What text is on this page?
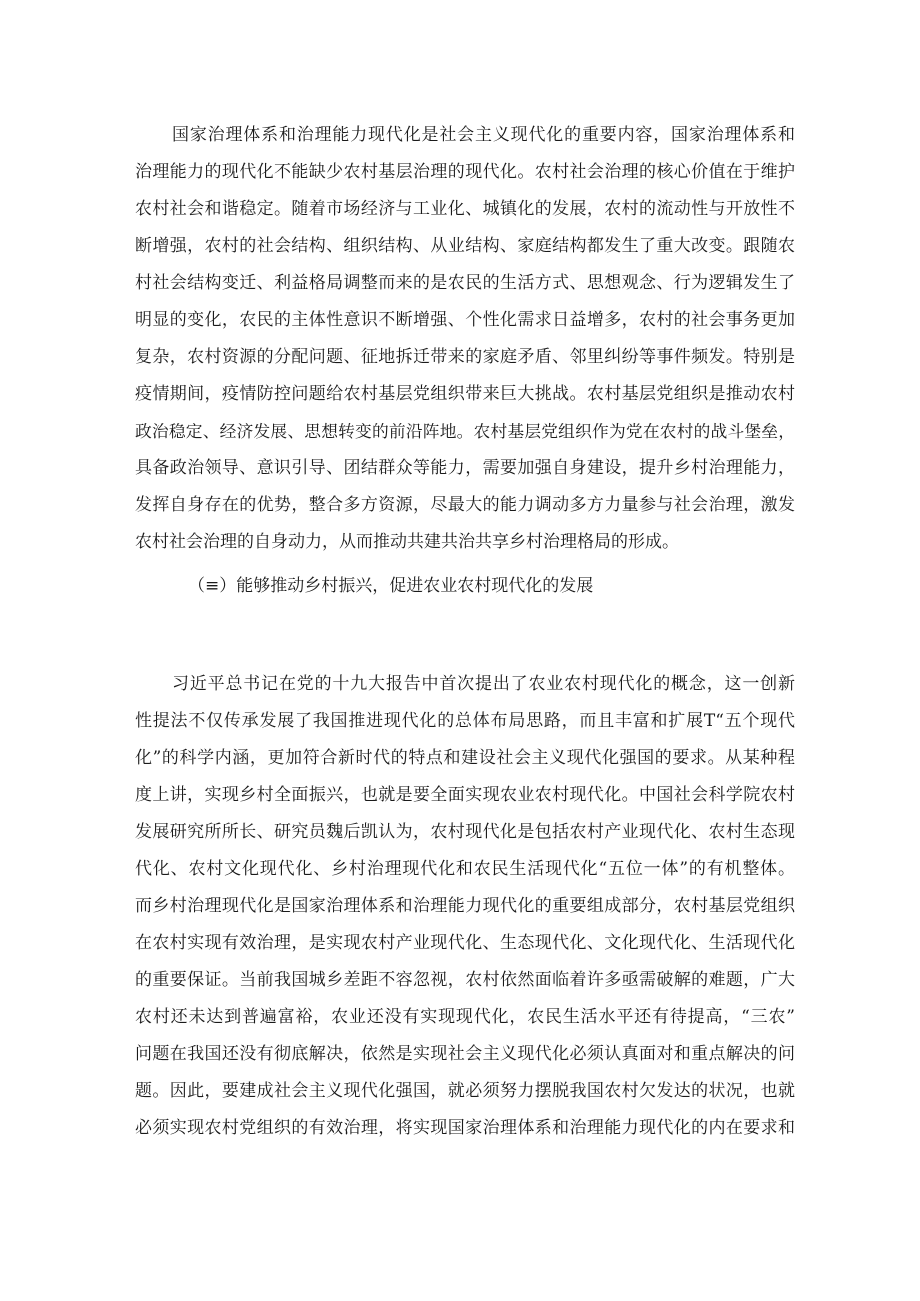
国家治理体系和治理能力现代化是社会主义现代化的重要内容，国家治理体系和
治理能力的现代化不能缺少农村基层治理的现代化。农村社会治理的核心价值在于维护
农村社会和谐稳定。随着市场经济与工业化、城镇化的发展，农村的流动性与开放性不
断增强，农村的社会结构、组织结构、从业结构、家庭结构都发生了重大改变。跟随农
村社会结构变迁、利益格局调整而来的是农民的生活方式、思想观念、行为逻辑发生了
明显的变化，农民的主体性意识不断增强、个性化需求日益增多，农村的社会事务更加
复杂，农村资源的分配问题、征地拆迁带来的家庭矛盾、邻里纠纷等事件频发。特别是
疫情期间，疫情防控问题给农村基层党组织带来巨大挑战。农村基层党组织是推动农村
政治稳定、经济发展、思想转变的前沿阵地。农村基层党组织作为党在农村的战斗堡垒，
具备政治领导、意识引导、团结群众等能力，需要加强自身建设，提升乡村治理能力，
发挥自身存在的优势，整合多方资源，尽最大的能力调动多方力量参与社会治理，激发
农村社会治理的自身动力，从而推动共建共治共享乡村治理格局的形成。
（≡）能够推动乡村振兴，促进农业农村现代化的发展
习近平总书记在党的十九大报告中首次提出了农业农村现代化的概念，这一创新
性提法不仅传承发展了我国推进现代化的总体布局思路，而且丰富和扩展T“五个现代
化”的科学内涵，更加符合新时代的特点和建设社会主义现代化强国的要求。从某种程
度上讲，实现乡村全面振兴，也就是要全面实现农业农村现代化。中国社会科学院农村
发展研究所所长、研究员魏后凯认为，农村现代化是包括农村产业现代化、农村生态现
代化、农村文化现代化、乡村治理现代化和农民生活现代化“五位一体”的有机整体。
而乡村治理现代化是国家治理体系和治理能力现代化的重要组成部分，农村基层党组织
在农村实现有效治理，是实现农村产业现代化、生态现代化、文化现代化、生活现代化
的重要保证。当前我国城乡差距不容忽视，农村依然面临着许多亟需破解的难题，广大
农村还未达到普遍富裕，农业还没有实现现代化，农民生活水平还有待提高，“三农”
问题在我国还没有彻底解决，依然是实现社会主义现代化必须认真面对和重点解决的问
题。因此，要建成社会主义现代化强国，就必须努力摆脱我国农村欠发达的状况，也就
必须实现农村党组织的有效治理，将实现国家治理体系和治理能力现代化的内在要求和
